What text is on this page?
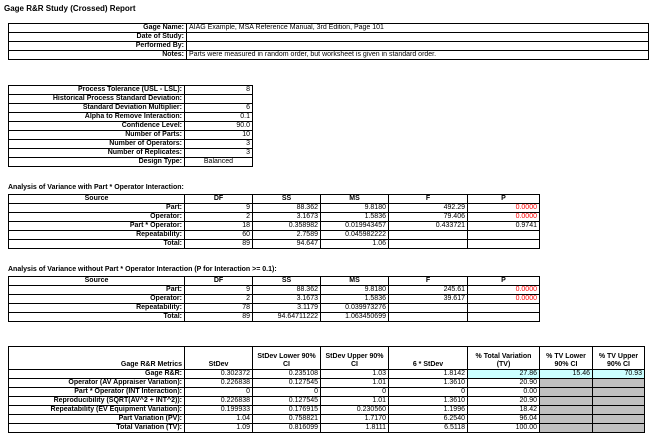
Gage R&R Study (Crossed) Report
Gage Name:	AIAG Example, MSA Reference Manual, 3rd Edition, Page 101
Date of Study:	
Performed By:	
Notes:	Parts were measured in random order, but worksheet is given in standard order.
Process Tolerance (USL - LSL):	8
Historical Process Standard Deviation:	
Standard Deviation Multiplier:	6
Alpha to Remove Interaction:	0.1
Confidence Level:	90.0
Number of Parts:	10
Number of Operators:	3
Number of Replicates:	3
Design Type:	Balanced
Analysis of Variance with Part * Operator Interaction:
Source	DF	SS	MS	F	P
Part:	9	88.362	9.8180	492.29	0.0000
Operator:	2	3.1673	1.5836	79.406	0.0000
Part * Operator:	18	0.358982	0.019943457	0.433721	0.9741
Repeatability:	60	2.7589	0.045982222		
Total:	89	94.647	1.06		
Analysis of Variance without Part * Operator Interaction (P for Interaction >= 0.1):
Source	DF	SS	MS	F	P
Part:	9	88.362	9.8180	245.61	0.0000
Operator:	2	3.1673	1.5836	39.617	0.0000
Repeatability:	78	3.1179	0.039973276		
Total:	89	94.64711222	1.063450699		
Gage R&R Metrics	StDev	StDev Lower 90% CI	StDev Upper 90% CI	6 * StDev	% Total Variation (TV)	% TV Lower 90% CI	% TV Upper 90% CI
Gage R&R:	0.302372	0.235108	1.03	1.8142	27.86	15.46	70.93
Operator (AV Appraiser Variation):	0.226838	0.127545	1.01	1.3610	20.90		
Part * Operator (INT Interaction):	0	0	0	0	0.00		
Reproducibility (SQRT(AV^2 + INT^2)):	0.226838	0.127545	1.01	1.3610	20.90		
Repeatability (EV Equipment Variation):	0.199933	0.176915	0.230560	1.1996	18.42		
Part Variation (PV):	1.04	0.758821	1.7170	6.2540	96.04		
Total Variation (TV):	1.09	0.816099	1.8111	6.5118	100.00		
